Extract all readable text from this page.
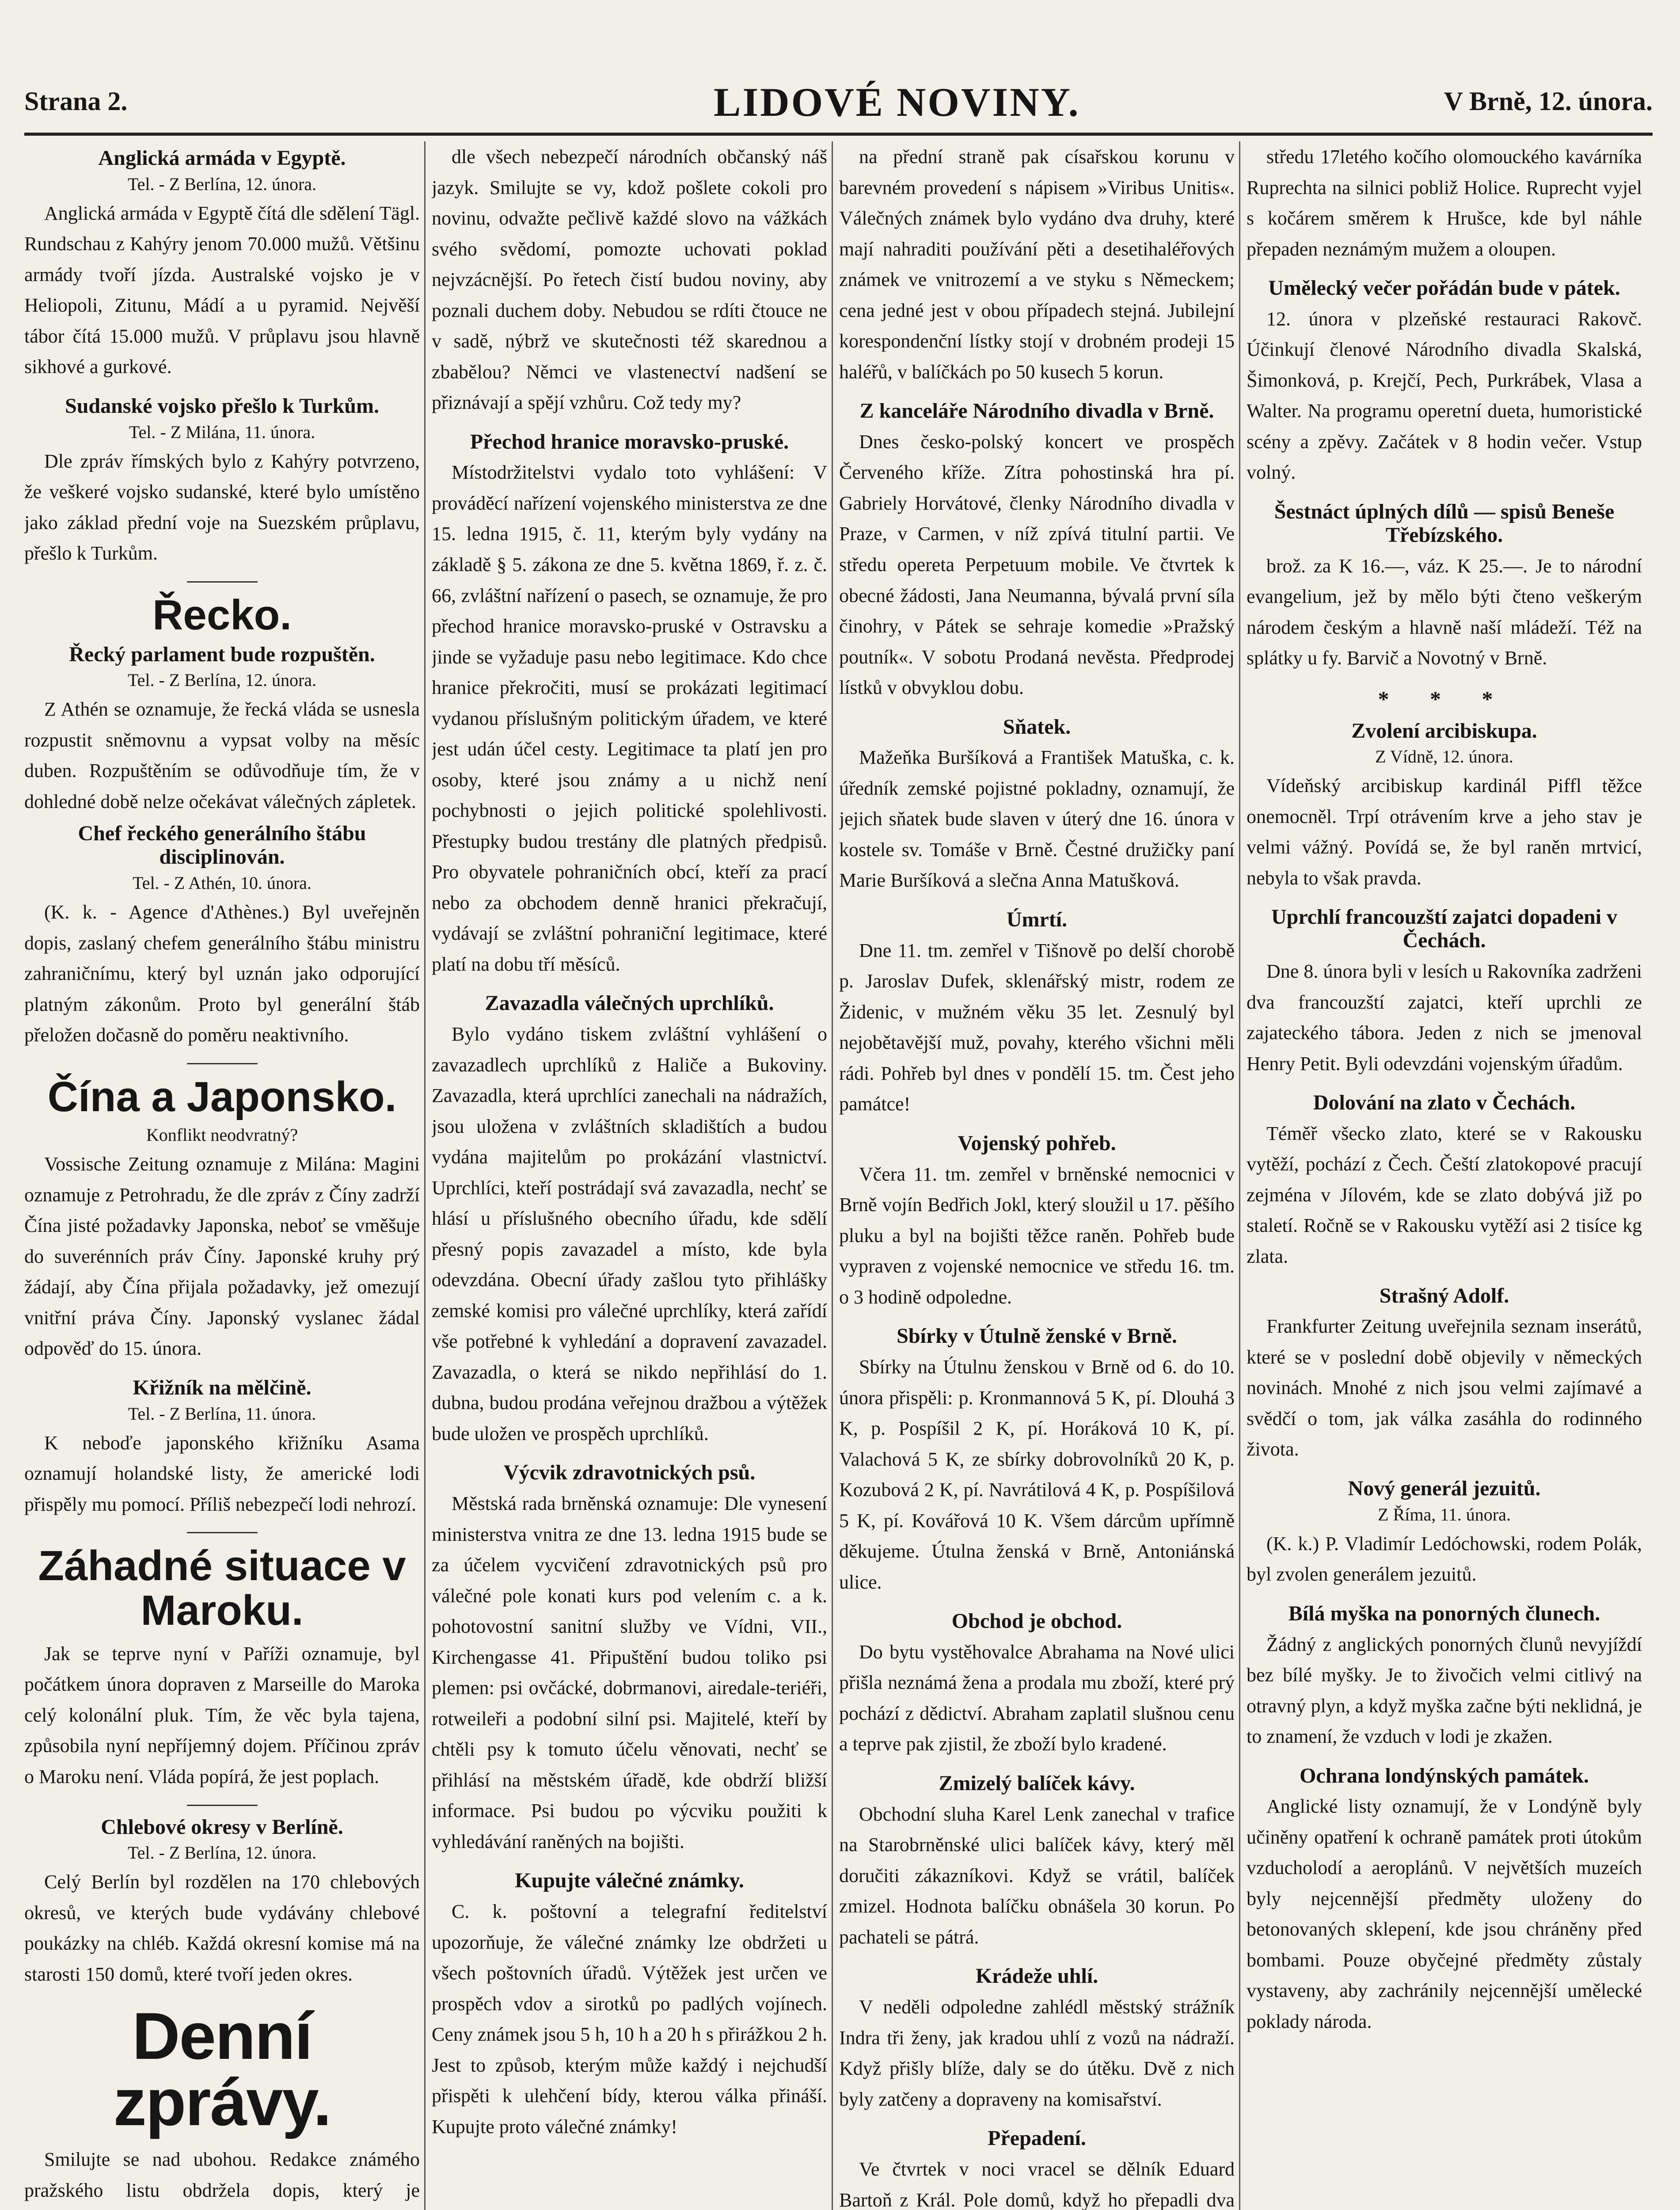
Strana 2.	LIDOVÉ NOVINY.	V Brně, 12. února.
Anglická armáda v Egyptě.
Tel. - Z Berlína, 12. února.

Anglická armáda v Egyptě čítá dle sdělení Tägl. Rundschau z Kahýry jenom 70.000 mužů. Většinu armády tvoří jízda. Australské vojsko je v Heliopoli, Zitunu, Mádí a u pyramid. Nejvěší tábor čítá 15.000 mužů. V průplavu jsou hlavně sikhové a gurkové.

Sudanské vojsko přešlo k Turkům.
Tel. - Z Milána, 11. února.

Dle zpráv římských bylo z Kahýry potvrzeno, že veškeré vojsko sudanské, které bylo umístěno jako základ přední voje na Suezském průplavu, přešlo k Turkům.

Řecko.
Řecký parlament bude rozpuštěn.
Tel. - Z Berlína, 12. února.

Z Athén se oznamuje, že řecká vláda se usnesla rozpustit sněmovnu a vypsat volby na měsíc duben. Rozpuštěním se odůvodňuje tím, že v dohledné době nelze očekávat válečných zápletek.

Chef řeckého generálního štábu disciplinován.
Tel. - Z Athén, 10. února.

(K. k. - Agence d'Athènes.) Byl uveřejněn dopis, zaslaný chefem generálního štábu ministru zahraničnímu, který byl uznán jako odporující platným zákonům. Proto byl generální štáb přeložen dočasně do poměru neaktivního.

Čína a Japonsko.
Konflikt neodvratný?

Vossische Zeitung oznamuje z Milána: Magini oznamuje z Petrohradu, že dle zpráv z Číny zadrží Čína jisté požadavky Japonska, neboť se vměšuje do suverénních práv Číny. Japonské kruhy prý žádají, aby Čína přijala požadavky, jež omezují vnitřní práva Číny. Japonský vyslanec žádal odpověď do 15. února.

Křižník na mělčině.
Tel. - Z Berlína, 11. února.

K neboďe japonského křižníku Asama oznamují holandské listy, že americké lodi přispěly mu pomocí. Příliš nebezpečí lodi nehrozí.

Záhadné situace v Maroku.

Jak se teprve nyní v Paříži oznamuje, byl počátkem února dopraven z Marseille do Maroka celý kolonální pluk. Tím, že věc byla tajena, způsobila nyní nepříjemný dojem. Příčinou zpráv o Maroku není. Vláda popírá, že jest poplach.

Chlebové okresy v Berlíně.
Tel. - Z Berlína, 12. února.

Celý Berlín byl rozdělen na 170 chlebových okresů, ve kterých bude vydávány chlebové poukázky na chléb. Každá okresní komise má na starosti 150 domů, které tvoří jeden okres.

Denní zprávy.

Smilujte se nad ubohou. Redakce známého pražského listu obdržela dopis, který je

dle všech nebezpečí národních občanský náš jazyk. Smilujte se vy, kdož pošlete cokoli pro novinu, odvažte pečlivě každé slovo na vážkách svého svědomí, pomozte uchovati poklad nejvzácnější. Po řetech čistí budou noviny, aby poznali duchem doby. Nebudou se rdíti čtouce ne v sadě, nýbrž ve skutečnosti též skarednou a zbabělou? Němci ve vlastenectví nadšení se přiznávají a spějí vzhůru. Což tedy my?

Přechod hranice moravsko-pruské.

Místodržitelstvi vydalo toto vyhlášení: V prováděcí nařízení vojenského ministerstva ze dne 15. ledna 1915, č. 11, kterým byly vydány na základě § 5. zákona ze dne 5. května 1869, ř. z. č. 66, zvláštní nařízení o pasech, se oznamuje, že pro přechod hranice moravsko-pruské v Ostravsku a jinde se vyžaduje pasu nebo legitimace. Kdo chce hranice překročiti, musí se prokázati legitimací vydanou příslušným politickým úřadem, ve které jest udán účel cesty. Legitimace ta platí jen pro osoby, které jsou známy a u nichž není pochybnosti o jejich politické spolehlivosti. Přestupky budou trestány dle platných předpisů. Pro obyvatele pohraničních obcí, kteří za prací nebo za obchodem denně hranici překračují, vydávají se zvláštní pohraniční legitimace, které platí na dobu tří měsíců.

Zavazadla válečných uprchlíků.

Bylo vydáno tiskem zvláštní vyhlášení o zavazadlech uprchlíků z Haliče a Bukoviny. Zavazadla, která uprchlíci zanechali na nádražích, jsou uložena v zvláštních skladištích a budou vydána majitelům po prokázání vlastnictví. Uprchlíci, kteří postrádají svá zavazadla, nechť se hlásí u příslušného obecního úřadu, kde sdělí přesný popis zavazadel a místo, kde byla odevzdána. Obecní úřady zašlou tyto přihlášky zemské komisi pro válečné uprchlíky, která zařídí vše potřebné k vyhledání a dopravení zavazadel. Zavazadla, o která se nikdo nepřihlásí do 1. dubna, budou prodána veřejnou dražbou a výtěžek bude uložen ve prospěch uprchlíků.

Výcvik zdravotnických psů.

Městská rada brněnská oznamuje: Dle vynesení ministerstva vnitra ze dne 13. ledna 1915 bude se za účelem vycvičení zdravotnických psů pro válečné pole konati kurs pod velením c. a k. pohotovostní sanitní služby ve Vídni, VII., Kirchengasse 41. Připuštění budou toliko psi plemen: psi ovčácké, dobrmanovi, airedale-teriéři, rotweileři a podobní silní psi. Majitelé, kteří by chtěli psy k tomuto účelu věnovati, nechť se přihlásí na městském úřadě, kde obdrží bližší informace. Psi budou po výcviku použiti k vyhledávání raněných na bojišti.

Kupujte válečné známky.

C. k. poštovní a telegrafní ředitelství upozorňuje, že válečné známky lze obdržeti u všech poštovních úřadů. Výtěžek jest určen ve prospěch vdov a sirotků po padlých vojínech. Ceny známek jsou 5 h, 10 h a 20 h s přirážkou 2 h. Jest to způsob, kterým může každý i nejchudší přispěti k ulehčení bídy, kterou válka přináší. Kupujte proto válečné známky!

na přední straně pak císařskou korunu v barevném provedení s nápisem »Viribus Unitis«. Válečných známek bylo vydáno dva druhy, které mají nahraditi používání pěti a desetihaléřových známek ve vnitrozemí a ve styku s Německem; cena jedné jest v obou případech stejná. Jubilejní korespondenční lístky stojí v drobném prodeji 15 haléřů, v balíčkách po 50 kusech 5 korun.

Z kanceláře Národního divadla v Brně.

Dnes česko-polský koncert ve prospěch Červeného kříže. Zítra pohostinská hra pí. Gabriely Horvátové, členky Národního divadla v Praze, v Carmen, v níž zpívá titulní partii. Ve středu opereta Perpetuum mobile. Ve čtvrtek k obecné žádosti, Jana Neumanna, bývalá první síla činohry, v Pátek se sehraje komedie »Pražský poutník«. V sobotu Prodaná nevěsta. Předprodej lístků v obvyklou dobu.

Sňatek.

Mažeňka Buršíková a František Matuška, c. k. úředník zemské pojistné pokladny, oznamují, že jejich sňatek bude slaven v úterý dne 16. února v kostele sv. Tomáše v Brně. Čestné družičky paní Marie Buršíková a slečna Anna Matušková.

Úmrtí.

Dne 11. tm. zemřel v Tišnově po delší chorobě p. Jaroslav Dufek, sklenářský mistr, rodem ze Židenic, v mužném věku 35 let. Zesnulý byl nejobětavější muž, povahy, kterého všichni měli rádi. Pohřeb byl dnes v pondělí 15. tm. Čest jeho památce!

Vojenský pohřeb.

Včera 11. tm. zemřel v brněnské nemocnici v Brně vojín Bedřich Jokl, který sloužil u 17. pěšího pluku a byl na bojišti těžce raněn. Pohřeb bude vypraven z vojenské nemocnice ve středu 16. tm. o 3 hodině odpoledne.

Sbírky v Útulně ženské v Brně.

Sbírky na Útulnu ženskou v Brně od 6. do 10. února přispěli: p. Kronmannová 5 K, pí. Dlouhá 3 K, p. Pospíšil 2 K, pí. Horáková 10 K, pí. Valachová 5 K, ze sbírky dobrovolníků 20 K, p. Kozubová 2 K, pí. Navrátilová 4 K, p. Pospíšilová 5 K, pí. Kovářová 10 K. Všem dárcům upřímně děkujeme. Útulna ženská v Brně, Antoniánská ulice.

Obchod je obchod.

Do bytu vystěhovalce Abrahama na Nové ulici přišla neznámá žena a prodala mu zboží, které prý pochází z dědictví. Abraham zaplatil slušnou cenu a teprve pak zjistil, že zboží bylo kradené.

Zmizelý balíček kávy.

Obchodní sluha Karel Lenk zanechal v trafice na Starobrněnské ulici balíček kávy, který měl doručiti zákazníkovi. Když se vrátil, balíček zmizel. Hodnota balíčku obnášela 30 korun. Po pachateli se pátrá.

Krádeže uhlí.

V neděli odpoledne zahlédl městský strážník Indra tři ženy, jak kradou uhlí z vozů na nádraží. Když přišly blíže, daly se do útěku. Dvě z nich byly zatčeny a dopraveny na komisařství.

Přepadení.

Ve čtvrtek v noci vracel se dělník Eduard Bartoň z Král. Pole domů, když ho přepadli dva

středu 17letého kočího olomouckého kavárníka Ruprechta na silnici pobliž Holice. Ruprecht vyjel s kočárem směrem k Hrušce, kde byl náhle přepaden neznámým mužem a oloupen.

Umělecký večer pořádán bude v pátek.

12. února v plzeňské restauraci Rakovč. Účinkují členové Národního divadla Skalská, Šimonková, p. Krejčí, Pech, Purkrábek, Vlasa a Walter. Na programu operetní dueta, humoristické scény a zpěvy. Začátek v 8 hodin večer. Vstup volný.

Šestnáct úplných dílů — spisů Beneše Třebízského.

brož. za K 16.—, váz. K 25.—. Je to národní evangelium, jež by mělo býti čteno veškerým národem českým a hlavně naší mládeží. Též na splátky u fy. Barvič a Novotný v Brně.

* * *
Zvolení arcibiskupa.
Z Vídně, 12. února.

Vídeňský arcibiskup kardinál Piffl těžce onemocněl. Trpí otrávením krve a jeho stav je velmi vážný. Povídá se, že byl raněn mrtvicí, nebyla to však pravda.

Uprchlí francouzští zajatci dopadeni v Čechách.

Dne 8. února byli v lesích u Rakovníka zadrženi dva francouzští zajatci, kteří uprchli ze zajateckého tábora. Jeden z nich se jmenoval Henry Petit. Byli odevzdáni vojenským úřadům.

Dolování na zlato v Čechách.

Téměř všecko zlato, které se v Rakousku vytěží, pochází z Čech. Čeští zlatokopové pracují zejména v Jílovém, kde se zlato dobývá již po staletí. Ročně se v Rakousku vytěží asi 2 tisíce kg zlata.

Strašný Adolf.

Frankfurter Zeitung uveřejnila seznam inserátů, které se v poslední době objevily v německých novinách. Mnohé z nich jsou velmi zajímavé a svědčí o tom, jak válka zasáhla do rodinného života.

Nový generál jezuitů.
Z Říma, 11. února.

(K. k.) P. Vladimír Ledóchowski, rodem Polák, byl zvolen generálem jezuitů.

Bílá myška na ponorných člunech.

Žádný z anglických ponorných člunů nevyjíždí bez bílé myšky. Je to živočich velmi citlivý na otravný plyn, a když myška začne býti neklidná, je to znamení, že vzduch v lodi je zkažen.

Ochrana londýnských památek.

Anglické listy oznamují, že v Londýně byly učiněny opatření k ochraně památek proti útokům vzducholodí a aeroplánů. V největších muzeích byly nejcennější předměty uloženy do betonovaných sklepení, kde jsou chráněny před bombami. Pouze obyčejné předměty zůstaly vystaveny, aby zachránily nejcennější umělecké poklady národa.
